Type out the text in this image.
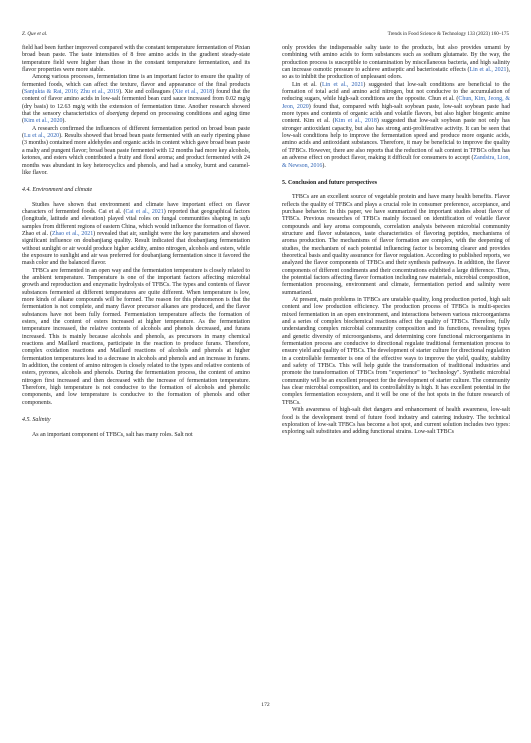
Z. Que et al.	Trends in Food Science & Technology 133 (2023) 160–175

field had been further improved compared with the constant temperature fermentation of Pixian broad bean paste. The taste intensities of 8 free amino acids in the gradient steady-state temperature field were higher than those in the constant temperature fermentation, and its flavor properties were more stable.

Among various processes, fermentation time is an important factor to ensure the quality of fermented foods, which can affect the texture, flavor and appearance of the final products (Sanjukta & Rai, 2016; Zhu et al., 2019). Xie and colleagues (Xie et al., 2018) found that the content of flavor amino acids in low-salt fermented bean curd sauce increased from 0.02 mg/g (dry basis) to 12.63 mg/g with the extension of fermentation time. Another research showed that the sensory characteristics of doenjang depend on processing conditions and aging time (Kim et al., 2020).

A research confirmed the influences of different fermentation period on broad bean paste (Lu et al., 2020). Results showed that broad bean paste fermented with an early ripening phase (3 months) contained more aldehydes and organic acids in content which gave broad bean paste a malty and pungent flavor; broad bean paste fermented with 12 months had more key alcohols, ketones, and esters which contributed a fruity and floral aroma; and product fermented with 24 months was abundant in key heterocyclics and phenols, and had a smoky, burnt and caramel-like flavor.

4.4. Environment and climate

Studies have shown that environment and climate have important effect on flavor characters of fermented foods. Cai et al. (Cai et al., 2021) reported that geographical factors (longitude, latitude and elevation) played vital roles on fungal communities shaping in sufu samples from different regions of eastern China, which would influence the formation of flavor. Zhao et al. (Zhao et al., 2021) revealed that air, sunlight were the key parameters and showed significant influence on doubanjiang quality. Result indicated that doubanjiang fermentation without sunlight or air would produce higher acidity, amino nitrogen, alcohols and esters, while the exposure to sunlight and air was preferred for doubanjiang fermentation since it favored the mash color and the balanced flavor.

TFBCs are fermented in an open way and the fermentation temperature is closely related to the ambient temperature. Temperature is one of the important factors affecting microbial growth and reproduction and enzymatic hydrolysis of TFBCs. The types and contents of flavor substances fermented at different temperatures are quite different. When temperature is low, more kinds of alkane compounds will be formed. The reason for this phenomenon is that the fermentation is not complete, and many flavor precursor alkanes are produced, and the flavor substances have not been fully formed. Fermentation temperature affects the formation of esters, and the content of esters increased at higher temperature. As the fermentation temperature increased, the relative contents of alcohols and phenols decreased, and furans increased. This is mainly because alcohols and phenols, as precursors in many chemical reactions and Maillard reactions, participate in the reaction to produce furans. Therefore, complex oxidation reactions and Maillard reactions of alcohols and phenols at higher fermentation temperatures lead to a decrease in alcohols and phenols and an increase in furans. In addition, the content of amino nitrogen is closely related to the types and relative contents of esters, pyrones, alcohols and phenols. During the fermentation process, the content of amino nitrogen first increased and then decreased with the increase of fermentation temperature. Therefore, high temperature is not conducive to the formation of alcohols and phenolic components, and low temperature is conducive to the formation of phenols and other components.

4.5. Salinity

As an important component of TFBCs, salt has many roles. Salt not

only provides the indispensable salty taste to the products, but also provides umami by combining with amino acids to form substances such as sodium glutamate. By the way, the production process is susceptible to contamination by miscellaneous bacteria, and high salinity can increase osmotic pressure to achieve antiseptic and bacteriostatic effects (Lin et al., 2021), so as to inhibit the production of unpleasant odors.

Lin et al. (Lin et al., 2021) suggested that low-salt conditions are beneficial to the formation of total acid and amino acid nitrogen, but not conducive to the accumulation of reducing sugars, while high-salt conditions are the opposite. Chun et al. (Chun, Kim, Jeong, & Jeon, 2020) found that, compared with high-salt soybean paste, low-salt soybean paste had more types and contents of organic acids and volatile flavors, but also higher biogenic amine content. Kim et al. (Kim et al., 2018) suggested that low-salt soybean paste not only has stronger antioxidant capacity, but also has strong anti-proliferative activity. It can be seen that low-salt conditions help to improve the fermentation speed and produce more organic acids, amino acids and antioxidant substances. Therefore, it may be beneficial to improve the quality of TFBCs. However, there are also reports that the reduction of salt content in TFBCs often has an adverse effect on product flavor, making it difficult for consumers to accept (Zandstra, Lion, & Newson, 2016).

5. Conclusion and future perspectives

TFBCs are an excellent source of vegetable protein and have many health benefits. Flavor reflects the quality of TFBCs and plays a crucial role in consumer preference, acceptance, and purchase behavior. In this paper, we have summarized the important studies about flavor of TFBCs. Previous researches of TFBCs mainly focused on identification of volatile flavor compounds and key aroma compounds, correlation analysis between microbial community structure and flavor substances, taste characteristics of flavoring peptides, mechanisms of aroma production. The mechanisms of flavor formation are complex, with the deepening of studies, the mechanism of each potential influencing factor is becoming clearer and provides theoretical basis and quality assurance for flavor regulation. According to published reports, we analyzed the flavor components of TFBCs and their synthesis pathways. In addition, the flavor components of different condiments and their concentrations exhibited a large difference. Thus, the potential factors affecting flavor formation including raw materials, microbial composition, fermentation processing, environment and climate, fermentation period and salinity were summarized.

At present, main problems in TFBCs are unstable quality, long production period, high salt content and low production efficiency. The production process of TFBCs is multi-species mixed fermentation in an open environment, and interactions between various microorganisms and a series of complex biochemical reactions affect the quality of TFBCs. Therefore, fully understanding complex microbial community composition and its functions, revealing types and genetic diversity of microorganisms, and determining core functional microorganisms in fermentation process are conducive to directional regulate traditional fermentation process to ensure yield and quality of TFBCs. The development of starter culture for directional regulation in a controllable fermenter is one of the effective ways to improve the yield, quality, stability and safety of TFBCs. This will help guide the transformation of traditional industries and promote the transformation of TFBCs from "experience" to "technology". Synthetic microbial community will be an excellent prospect for the development of starter culture. The community has clear microbial composition, and its controllability is high. It has excellent potential in the complex fermentation ecosystem, and it will be one of the hot spots in the future research of TFBCs.

With awareness of high-salt diet dangers and enhancement of health awareness, low-salt food is the development trend of future food industry and catering industry. The technical exploration of low-salt TFBCs has become a hot spot, and current solution includes two types: exploring salt substitutes and adding functional strains. Low-salt TFBCs

172
